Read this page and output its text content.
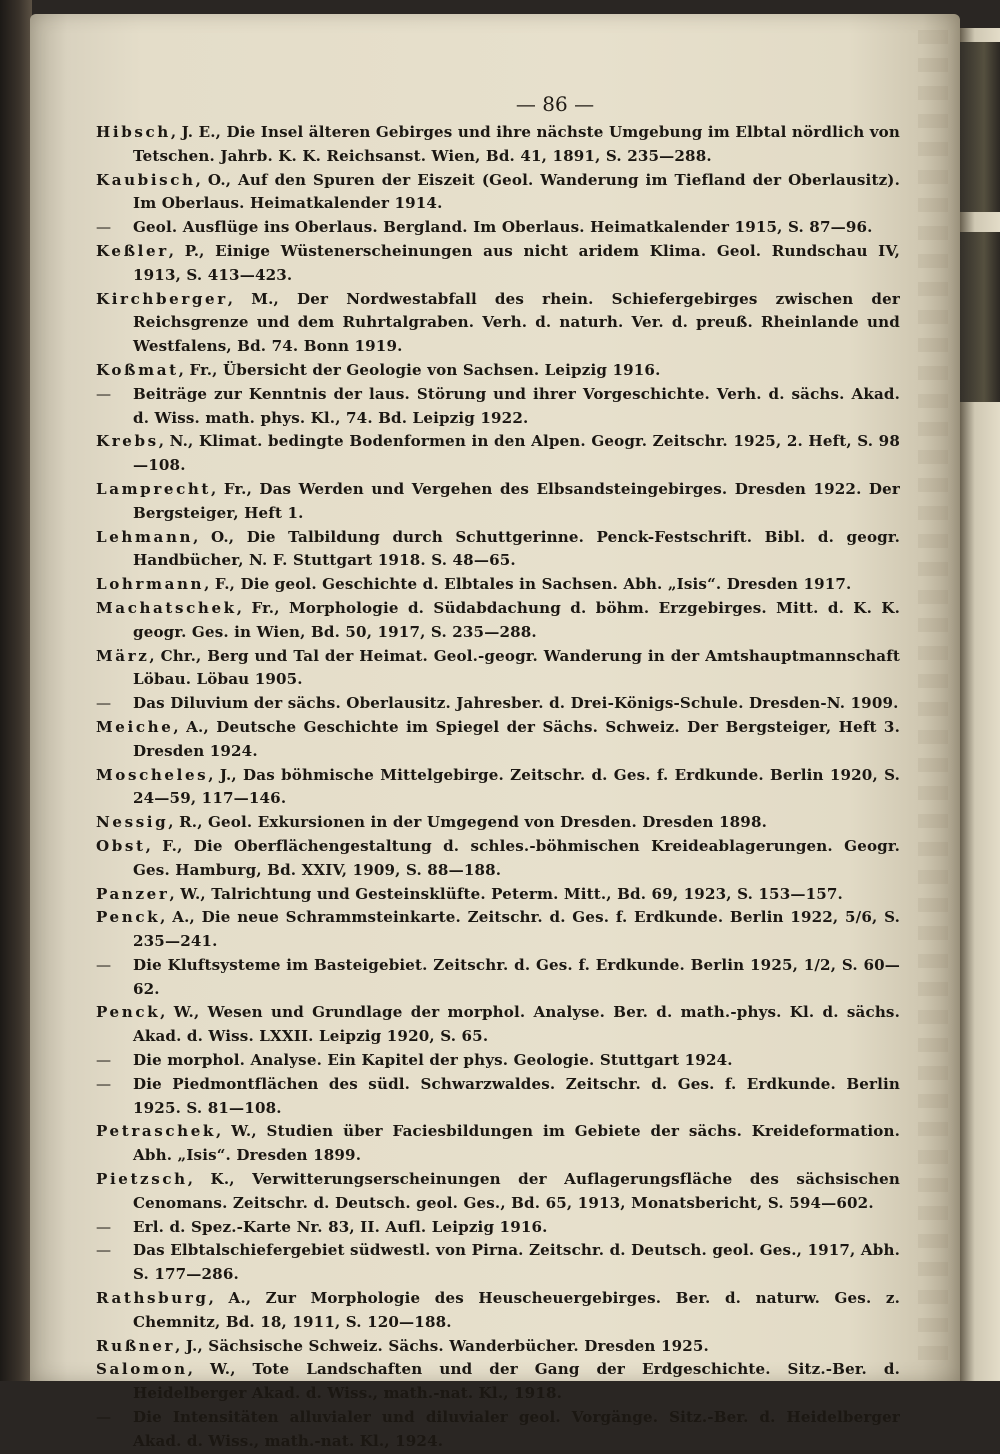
— 86 —
Hibsch, J. E., Die Insel älteren Gebirges und ihre nächste Umgebung im Elbtal nördlich von Tetschen. Jahrb. K. K. Reichsanst. Wien, Bd. 41, 1891, S. 235—288.
Kaubisch, O., Auf den Spuren der Eiszeit (Geol. Wanderung im Tiefland der Oberlausitz). Im Oberlaus. Heimatkalender 1914.
— Geol. Ausflüge ins Oberlaus. Bergland. Im Oberlaus. Heimatkalender 1915, S. 87—96.
Keßler, P., Einige Wüstenerscheinungen aus nicht aridem Klima. Geol. Rundschau IV, 1913, S. 413—423.
Kirchberger, M., Der Nordwestabfall des rhein. Schiefergebirges zwischen der Reichsgrenze und dem Ruhrtalgraben. Verh. d. naturh. Ver. d. preuß. Rheinlande und Westfalens, Bd. 74. Bonn 1919.
Koßmat, Fr., Übersicht der Geologie von Sachsen. Leipzig 1916.
— Beiträge zur Kenntnis der laus. Störung und ihrer Vorgeschichte. Verh. d. sächs. Akad. d. Wiss. math. phys. Kl., 74. Bd. Leipzig 1922.
Krebs, N., Klimat. bedingte Bodenformen in den Alpen. Geogr. Zeitschr. 1925, 2. Heft, S. 98—108.
Lamprecht, Fr., Das Werden und Vergehen des Elbsandsteingebirges. Dresden 1922. Der Bergsteiger, Heft 1.
Lehmann, O., Die Talbildung durch Schuttgerinne. Penck-Festschrift. Bibl. d. geogr. Handbücher, N. F. Stuttgart 1918. S. 48—65.
Lohrmann, F., Die geol. Geschichte d. Elbtales in Sachsen. Abh. „Isis“. Dresden 1917.
Machatschek, Fr., Morphologie d. Südabdachung d. böhm. Erzgebirges. Mitt. d. K. K. geogr. Ges. in Wien, Bd. 50, 1917, S. 235—288.
März, Chr., Berg und Tal der Heimat. Geol.-geogr. Wanderung in der Amtshauptmannschaft Löbau. Löbau 1905.
— Das Diluvium der sächs. Oberlausitz. Jahresber. d. Drei-Königs-Schule. Dresden-N. 1909.
Meiche, A., Deutsche Geschichte im Spiegel der Sächs. Schweiz. Der Bergsteiger, Heft 3. Dresden 1924.
Moscheles, J., Das böhmische Mittelgebirge. Zeitschr. d. Ges. f. Erdkunde. Berlin 1920, S. 24—59, 117—146.
Nessig, R., Geol. Exkursionen in der Umgegend von Dresden. Dresden 1898.
Obst, F., Die Oberflächengestaltung d. schles.-böhmischen Kreideablagerungen. Geogr. Ges. Hamburg, Bd. XXIV, 1909, S. 88—188.
Panzer, W., Talrichtung und Gesteinsklüfte. Peterm. Mitt., Bd. 69, 1923, S. 153—157.
Penck, A., Die neue Schrammsteinkarte. Zeitschr. d. Ges. f. Erdkunde. Berlin 1922, 5/6, S. 235—241.
— Die Kluftsysteme im Basteigebiet. Zeitschr. d. Ges. f. Erdkunde. Berlin 1925, 1/2, S. 60—62.
Penck, W., Wesen und Grundlage der morphol. Analyse. Ber. d. math.-phys. Kl. d. sächs. Akad. d. Wiss. LXXII. Leipzig 1920, S. 65.
— Die morphol. Analyse. Ein Kapitel der phys. Geologie. Stuttgart 1924.
— Die Piedmontflächen des südl. Schwarzwaldes. Zeitschr. d. Ges. f. Erdkunde. Berlin 1925. S. 81—108.
Petraschek, W., Studien über Faciesbildungen im Gebiete der sächs. Kreideformation. Abh. „Isis“. Dresden 1899.
Pietzsch, K., Verwitterungserscheinungen der Auflagerungsfläche des sächsischen Cenomans. Zeitschr. d. Deutsch. geol. Ges., Bd. 65, 1913, Monatsbericht, S. 594—602.
— Erl. d. Spez.-Karte Nr. 83, II. Aufl. Leipzig 1916.
— Das Elbtalschiefergebiet südwestl. von Pirna. Zeitschr. d. Deutsch. geol. Ges., 1917, Abh. S. 177—286.
Rathsburg, A., Zur Morphologie des Heuscheuergebirges. Ber. d. naturw. Ges. z. Chemnitz, Bd. 18, 1911, S. 120—188.
Rußner, J., Sächsische Schweiz. Sächs. Wanderbücher. Dresden 1925.
Salomon, W., Tote Landschaften und der Gang der Erdgeschichte. Sitz.-Ber. d. Heidelberger Akad. d. Wiss., math.-nat. Kl., 1918.
— Die Intensitäten alluvialer und diluvialer geol. Vorgänge. Sitz.-Ber. d. Heidelberger Akad. d. Wiss., math.-nat. Kl., 1924.
